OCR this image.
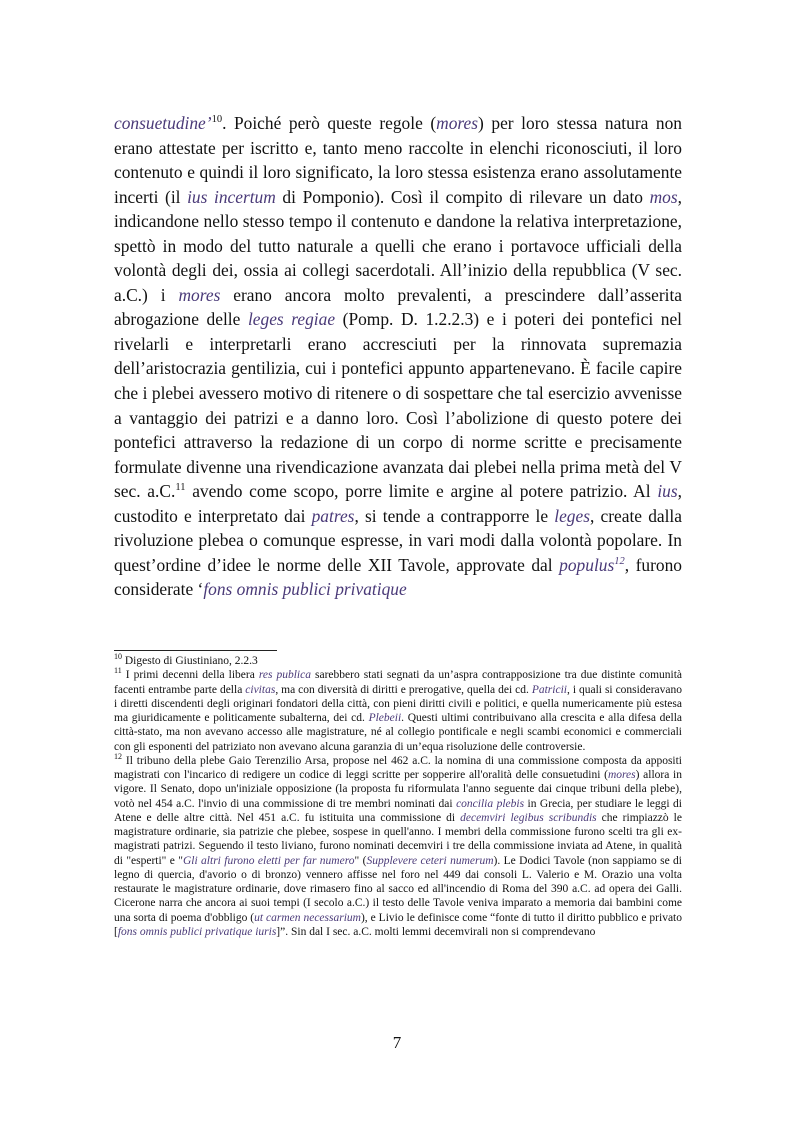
consuetudine’$^{10}$. Poiché però queste regole (mores) per loro stessa natura non erano attestate per iscritto e, tanto meno raccolte in elenchi riconosciuti, il loro contenuto e quindi il loro significato, la loro stessa esistenza erano assolutamente incerti (il ius incertum di Pomponio). Così il compito di rilevare un dato mos, indicandone nello stesso tempo il contenuto e dandone la relativa interpretazione, spettò in modo del tutto naturale a quelli che erano i portavoce ufficiali della volontà degli dei, ossia ai collegi sacerdotali. All’inizio della repubblica (V sec. a.C.) i mores erano ancora molto prevalenti, a prescindere dall’asserita abrogazione delle leges regiae (Pomp. D. 1.2.2.3) e i poteri dei pontefici nel rivelarli e interpretarli erano accresciuti per la rinnovata supremazia dell’aristocrazia gentilizia, cui i pontefici appunto appartenevano. È facile capire che i plebei avessero motivo di ritenere o di sospettare che tal esercizio avvenisse a vantaggio dei patrizi e a danno loro. Così l’abolizione di questo potere dei pontefici attraverso la redazione di un corpo di norme scritte e precisamente formulate divenne una rivendicazione avanzata dai plebei nella prima metà del V sec. a.C.$^{11}$ avendo come scopo, porre limite e argine al potere patrizio. Al ius, custodito e interpretato dai patres, si tende a contrapporre le leges, create dalla rivoluzione plebea o comunque espresse, in vari modi dalla volontà popolare. In quest’ordine d’idee le norme delle XII Tavole, approvate dal populus$^{12}$, furono considerate ‘fons omnis publici privatique

$^{10}$ Digesto di Giustiniano, 2.2.3

$^{11}$ I primi decenni della libera res publica sarebbero stati segnati da un’aspra contrapposizione tra due distinte comunità facenti entrambe parte della civitas, ma con diversità di diritti e prerogative, quella dei cd. Patricii, i quali si consideravano i diretti discendenti degli originari fondatori della città, con pieni diritti civili e politici, e quella numericamente più estesa ma giuridicamente e politicamente subalterna, dei cd. Plebeii. Questi ultimi contribuivano alla crescita e alla difesa della città-stato, ma non avevano accesso alle magistrature, né al collegio pontificale e negli scambi economici e commerciali con gli esponenti del patriziato non avevano alcuna garanzia di un’equa risoluzione delle controversie.

$^{12}$ Il tribuno della plebe Gaio Terenzilio Arsa, propose nel 462 a.C. la nomina di una commissione composta da appositi magistrati con l'incarico di redigere un codice di leggi scritte per sopperire all'oralità delle consuetudini (mores) allora in vigore. Il Senato, dopo un'iniziale opposizione (la proposta fu riformulata l'anno seguente dai cinque tribuni della plebe), votò nel 454 a.C. l'invio di una commissione di tre membri nominati dai concilia plebis in Grecia, per studiare le leggi di Atene e delle altre città. Nel 451 a.C. fu istituita una commissione di decemviri legibus scribundis che rimpiazzò le magistrature ordinarie, sia patrizie che plebee, sospese in quell'anno. I membri della commissione furono scelti tra gli ex-magistrati patrizi. Seguendo il testo liviano, furono nominati decemviri i tre della commissione inviata ad Atene, in qualità di "esperti" e "Gli altri furono eletti per far numero" (Supplevere ceteri numerum). Le Dodici Tavole (non sappiamo se di legno di quercia, d'avorio o di bronzo) vennero affisse nel foro nel 449 dai consoli L. Valerio e M. Orazio una volta restaurate le magistrature ordinarie, dove rimasero fino al sacco ed all'incendio di Roma del 390 a.C. ad opera dei Galli. Cicerone narra che ancora ai suoi tempi (I secolo a.C.) il testo delle Tavole veniva imparato a memoria dai bambini come una sorta di poema d'obbligo (ut carmen necessarium), e Livio le definisce come “fonte di tutto il diritto pubblico e privato [fons omnis publici privatique iuris]”. Sin dal I sec. a.C. molti lemmi decemvirali non si comprendevano

7
